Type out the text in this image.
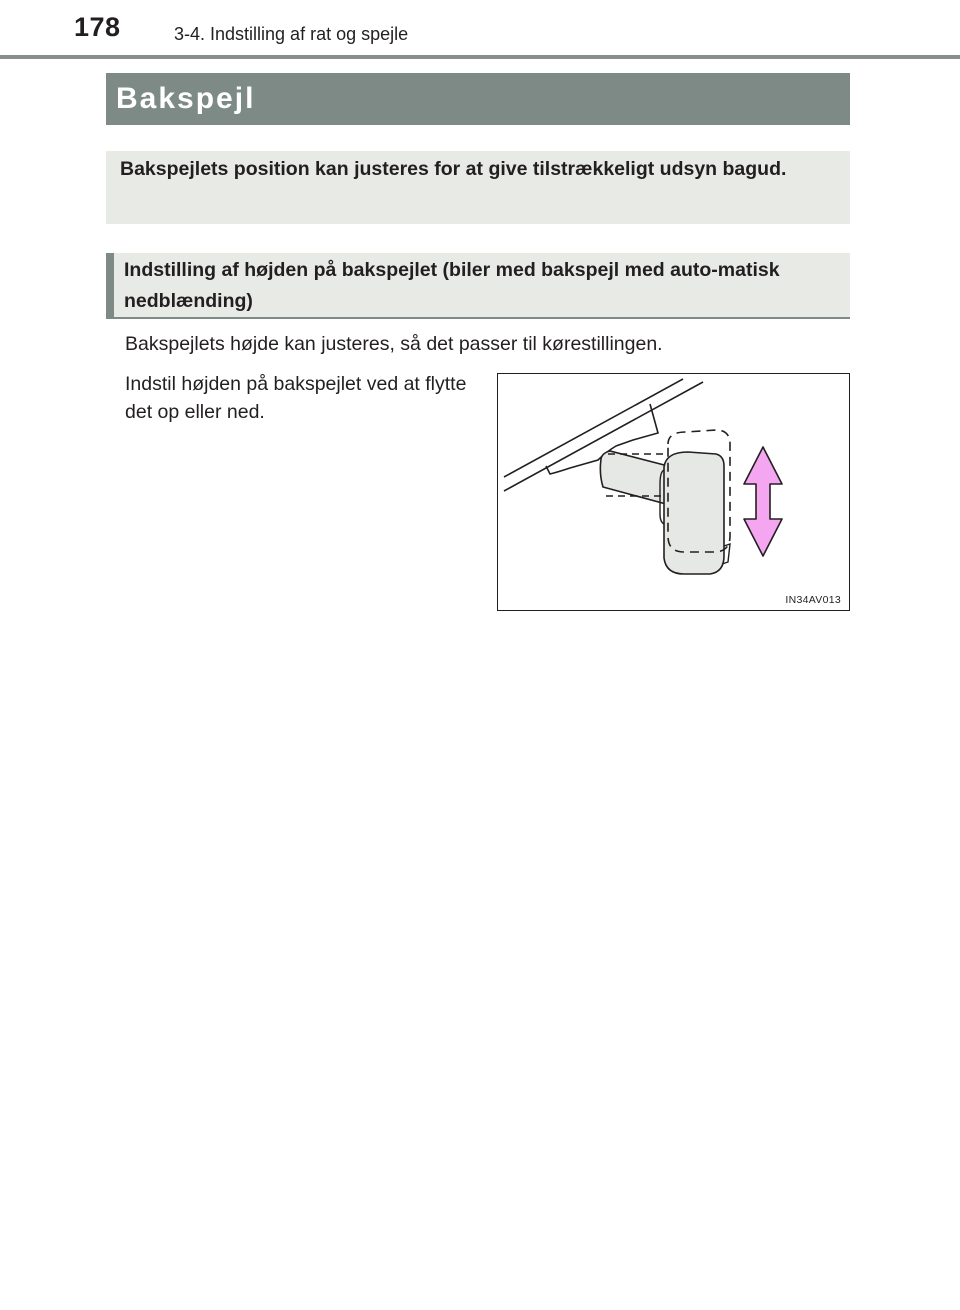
178	3-4. Indstilling af rat og spejle
Bakspejl

Bakspejlets position kan justeres for at give tilstrækkeligt udsyn bagud.

Indstilling af højden på bakspejlet (biler med bakspejl med auto-matisk nedblænding)

Bakspejlets højde kan justeres, så det passer til kørestillingen.

Indstil højden på bakspejlet ved at flytte det op eller ned.

IN34AV013
